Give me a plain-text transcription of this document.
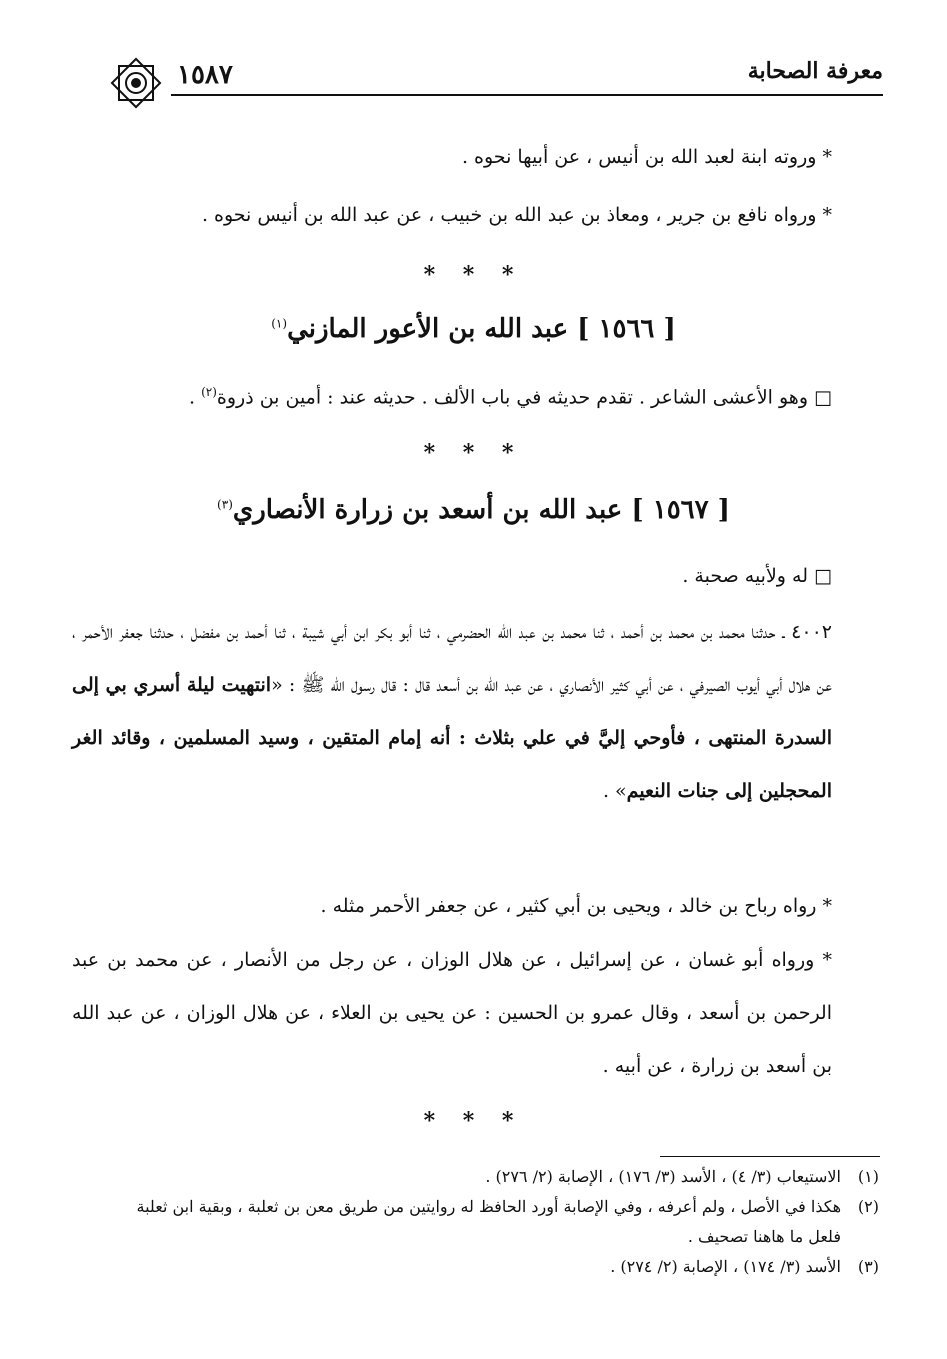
١٥٨٧	معرفة الصحابة
* وروته ابنة لعبد الله بن أنيس ، عن أبيها نحوه .
* ورواه نافع بن جرير ، ومعاذ بن عبد الله بن خبيب ، عن عبد الله بن أنيس نحوه .
* * *
[ ١٥٦٦ ] عبد الله بن الأعور المازني$^{(١)}$
□ وهو الأعشى الشاعر . تقدم حديثه في باب الألف . حديثه عند : أمين بن ذروة$^{(٢)}$ .
* * *
[ ١٥٦٧ ] عبد الله بن أسعد بن زرارة الأنصاري$^{(٣)}$
□ له ولأبيه صحبة .
٤٠٠٢ ـ حدثنا محمد بن محمد بن أحمد ، ثنا محمد بن عبد الله الحضرمي ، ثنا أبو بكر ابن أبي شيبة ، ثنا أحمد بن مفضل ، حدثنا جعفر الأحمر ، عن هلال أبي أيوب الصيرفي ، عن أبي كثير الأنصاري ، عن عبد الله بن أسعد قال : قال رسول الله ﷺ : «انتهيت ليلة أسري بي إلى السدرة المنتهى ، فأوحي إليَّ في علي بثلاث : أنه إمام المتقين ، وسيد المسلمين ، وقائد الغر المحجلين إلى جنات النعيم» .
* رواه رباح بن خالد ، ويحيى بن أبي كثير ، عن جعفر الأحمر مثله .
* ورواه أبو غسان ، عن إسرائيل ، عن هلال الوزان ، عن رجل من الأنصار ، عن محمد بن عبد الرحمن بن أسعد ، وقال عمرو بن الحسين : عن يحيى بن العلاء ، عن هلال الوزان ، عن عبد الله بن أسعد بن زرارة ، عن أبيه .
* * *
(١)
الاستيعاب (٣/ ٤) ، الأسد (٣/ ١٧٦) ، الإصابة (٢/ ٢٧٦) .
(٢)
هكذا في الأصل ، ولم أعرفه ، وفي الإصابة أورد الحافظ له روايتين من طريق معن بن ثعلبة ، وبقية ابن ثعلبة فلعل ما هاهنا تصحيف .
(٣)
الأسد (٣/ ١٧٤) ، الإصابة (٢/ ٢٧٤) .
